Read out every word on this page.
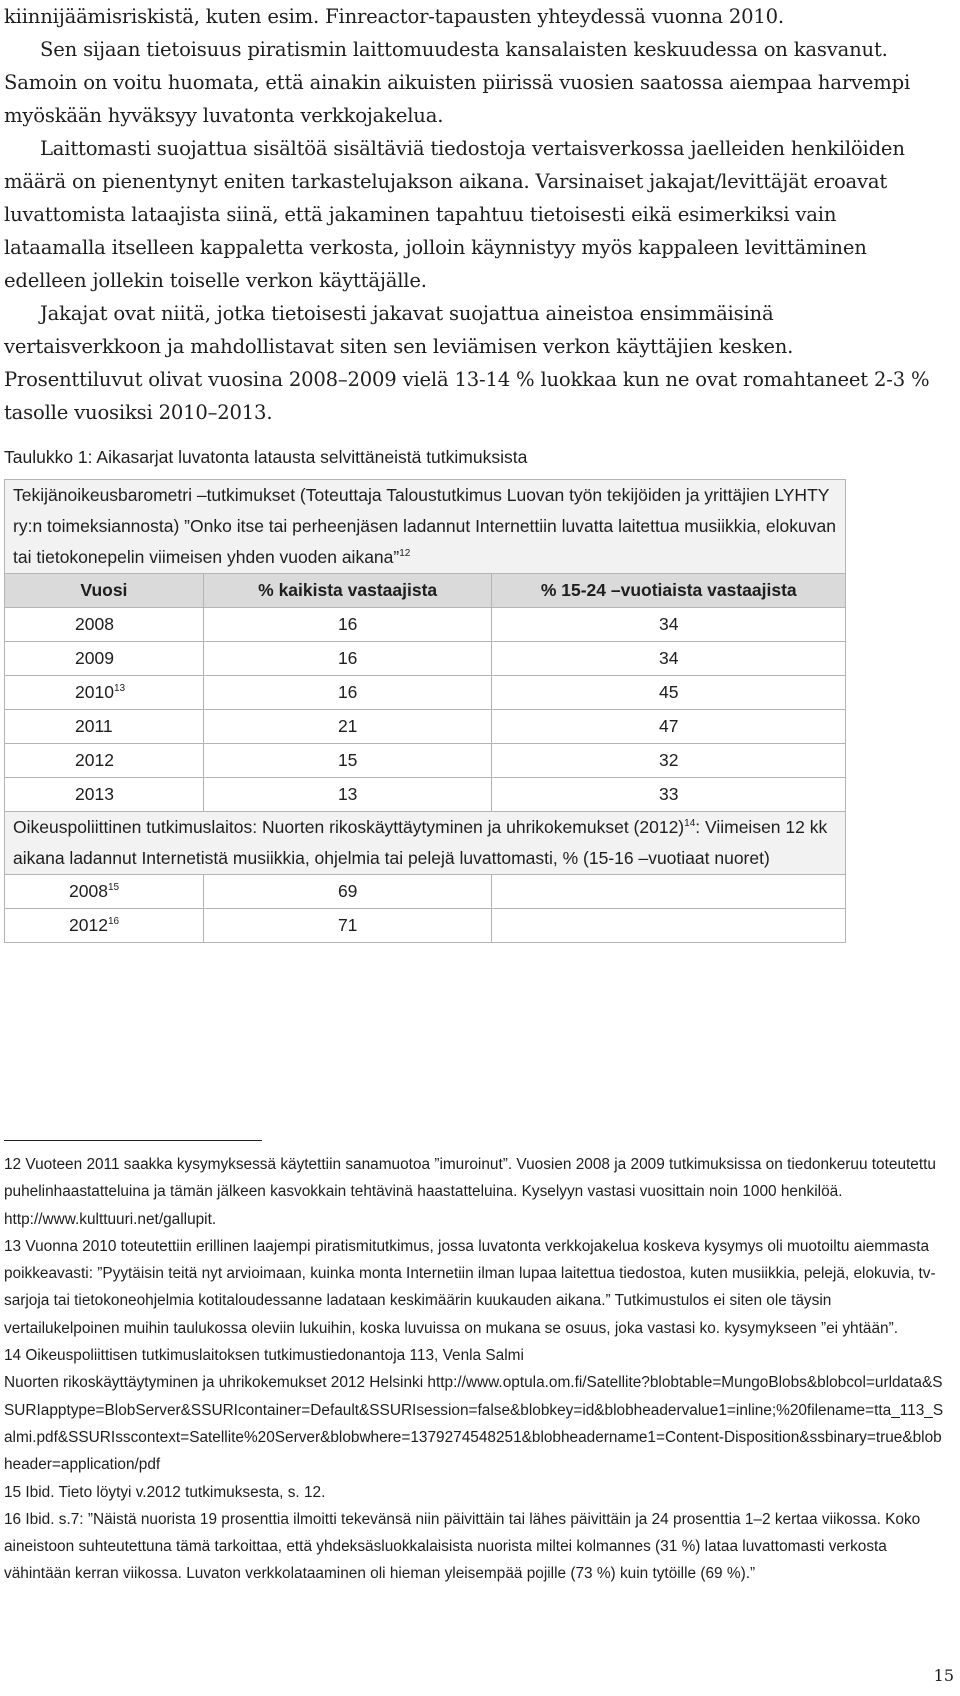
kiinnijäämisriskistä, kuten esim. Finreactor-tapausten yhteydessä vuonna 2010.

Sen sijaan tietoisuus piratismin laittomuudesta kansalaisten keskuudessa on kasvanut. Samoin on voitu huomata, että ainakin aikuisten piirissä vuosien saatossa aiempaa harvempi myöskään hyväksyy luvatonta verkkojakelua.

Laittomasti suojattua sisältöä sisältäviä tiedostoja vertaisverkossa jaelleiden henkilöiden määrä on pienentynyt eniten tarkastelujakson aikana. Varsinaiset jakajat/levittäjät eroavat luvattomista lataajista siinä, että jakaminen tapahtuu tietoisesti eikä esimerkiksi vain lataamalla itselleen kappaletta verkosta, jolloin käynnistyy myös kappaleen levittäminen edelleen jollekin toiselle verkon käyttäjälle.

Jakajat ovat niitä, jotka tietoisesti jakavat suojattua aineistoa ensimmäisinä vertaisverkkoon ja mahdollistavat siten sen leviämisen verkon käyttäjien kesken. Prosenttiluvut olivat vuosina 2008–2009 vielä 13-14 % luokkaa kun ne ovat romahtaneet 2-3 % tasolle vuosiksi 2010–2013.

Taulukko 1: Aikasarjat luvatonta latausta selvittäneistä tutkimuksista
Tekijänoikeusbarometri –tutkimukset (Toteuttaja Taloustutkimus Luovan työn tekijöiden ja yrittäjien LYHTY ry:n toimeksiannosta) ”Onko itse tai perheenjäsen ladannut Internettiin luvatta laitettua musiikkia, elokuvan tai tietokonepelin viimeisen yhden vuoden aikana”$^{12}$
Vuosi	% kaikista vastaajista	% 15-24 –vuotiaista vastaajista
2008	16	34
2009	16	34
2010$^{13}$	16	45
2011	21	47
2012	15	32
2013	13	33
Oikeuspoliittinen tutkimuslaitos: Nuorten rikoskäyttäytyminen ja uhrikokemukset $(2012)^{14}$: Viimeisen 12 kk aikana ladannut Internetistä musiikkia, ohjelmia tai pelejä luvattomasti, % (15-16 –vuotiaat nuoret)		
2008$^{15}$	69	
2012$^{16}$	71	

12 Vuoteen 2011 saakka kysymyksessä käytettiin sanamuotoa ”imuroinut”. Vuosien 2008 ja 2009 tutkimuksissa on tiedonkeruu toteutettu puhelinhaastatteluina ja tämän jälkeen kasvokkain tehtävinä haastatteluina. Kyselyyn vastasi vuosittain noin 1000 henkilöä. http://www.kulttuuri.net/gallupit.

13 Vuonna 2010 toteutettiin erillinen laajempi piratismitutkimus, jossa luvatonta verkkojakelua koskeva kysymys oli muotoiltu aiemmasta poikkeavasti: ”Pyytäisin teitä nyt arvioimaan, kuinka monta Internetiin ilman lupaa laitettua tiedostoa, kuten musiikkia, pelejä, elokuvia, tv-sarjoja tai tietokoneohjelmia kotitaloudessanne ladataan keskimäärin kuukauden aikana.” Tutkimustulos ei siten ole täysin vertailukelpoinen muihin taulukossa oleviin lukuihin, koska luvuissa on mukana se osuus, joka vastasi ko. kysymykseen ”ei yhtään”.

14 Oikeuspoliittisen tutkimuslaitoksen tutkimustiedonantoja 113, Venla Salmi

Nuorten rikoskäyttäytyminen ja uhrikokemukset 2012 Helsinki http://www.optula.om.fi/Satellite?blobtable=MungoBlobs&blobcol=urldata&SSURIapptype=BlobServer&SSURIcontainer=Default&SSURIsession=false&blobkey=id&blobheadervalue1=inline;%20filename=tta_113_Salmi.pdf&SSURIsscontext=Satellite%20Server&blobwhere=1379274548251&blobheadername1=Content-Disposition&ssbinary=true&blobheader=application/pdf

15 Ibid. Tieto löytyi v.2012 tutkimuksesta, s. 12.

16 Ibid. s.7: ”Näistä nuorista 19 prosenttia ilmoitti tekevänsä niin päivittäin tai lähes päivittäin ja 24 prosenttia 1–2 kertaa viikossa. Koko aineistoon suhteutettuna tämä tarkoittaa, että yhdeksäsluokkalaisista nuorista miltei kolmannes (31 %) lataa luvattomasti verkosta vähintään kerran viikossa. Luvaton verkkolataaminen oli hieman yleisempää pojille (73 %) kuin tytöille (69 %).”

15
